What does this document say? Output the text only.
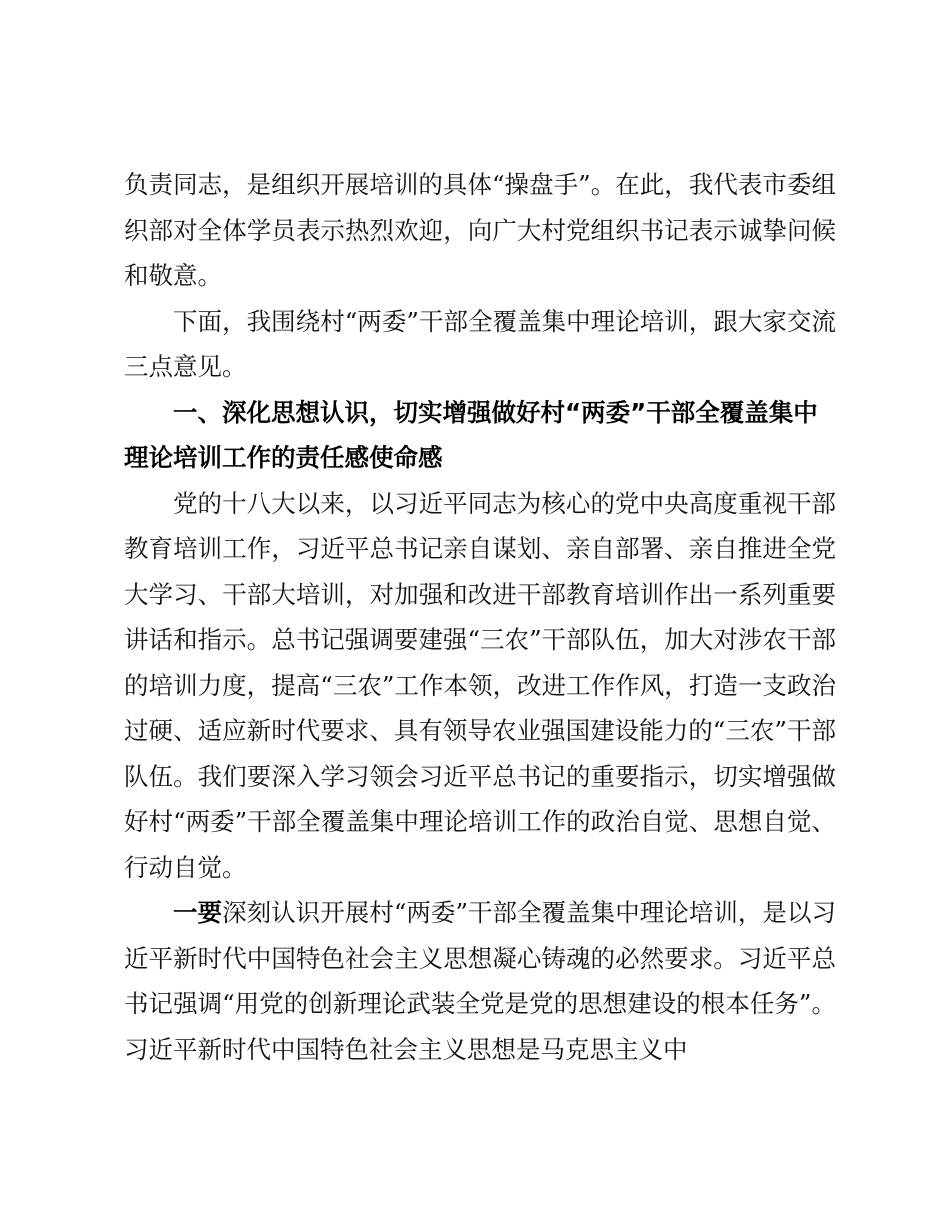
负责同志，是组织开展培训的具体“操盘手”。在此，我代表市委组织部对全体学员表示热烈欢迎，向广大村党组织书记表示诚挚问候和敬意。

下面，我围绕村“两委”干部全覆盖集中理论培训，跟大家交流三点意见。

一、深化思想认识，切实增强做好村“两委”干部全覆盖集中理论培训工作的责任感使命感

党的十八大以来，以习近平同志为核心的党中央高度重视干部教育培训工作，习近平总书记亲自谋划、亲自部署、亲自推进全党大学习、干部大培训，对加强和改进干部教育培训作出一系列重要讲话和指示。总书记强调要建强“三农”干部队伍，加大对涉农干部的培训力度，提高“三农”工作本领，改进工作作风，打造一支政治过硬、适应新时代要求、具有领导农业强国建设能力的“三农”干部队伍。我们要深入学习领会习近平总书记的重要指示，切实增强做好村“两委”干部全覆盖集中理论培训工作的政治自觉、思想自觉、行动自觉。

一要深刻认识开展村“两委”干部全覆盖集中理论培训，是以习近平新时代中国特色社会主义思想凝心铸魂的必然要求。习近平总书记强调“用党的创新理论武装全党是党的思想建设的根本任务”。习近平新时代中国特色社会主义思想是马克思主义中
